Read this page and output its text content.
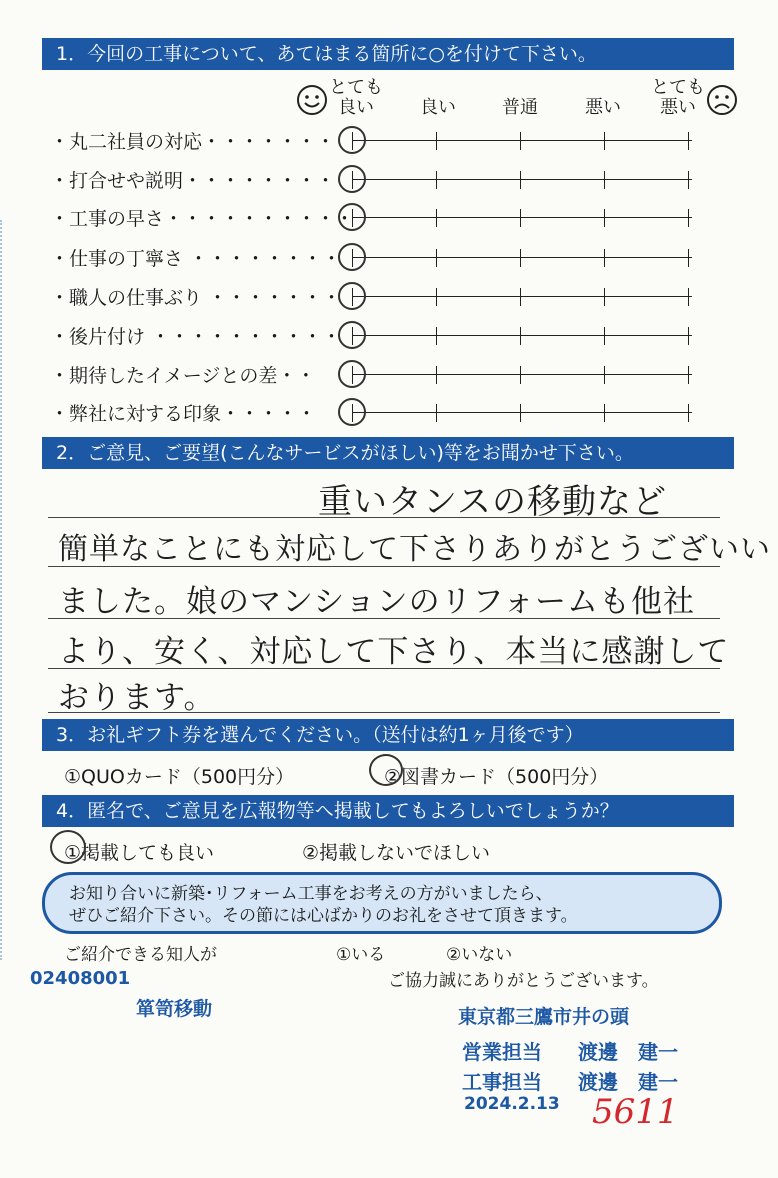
1．今回の工事について、あてはまる箇所に○を付けて下さい。
とても
良い	良い	普通	悪い
とても
悪い
・丸二社員の対応・・・・・・・
・打合せや説明・・・・・・・・
・工事の早さ・・・・・・・・・・
・仕事の丁寧さ ・・・・・・・・
・職人の仕事ぶり ・・・・・・・
・後片付け ・・・・・・・・・・
・期待したイメージとの差・・
・弊社に対する印象・・・・・
2．ご意見、ご要望(こんなサービスがほしい)等をお聞かせ下さい。
重いタンスの移動など
簡単なことにも対応して下さりありがとうございい
ました。娘のマンションのリフォームも他社
より、安く、対応して下さり、本当に感謝して
おります。
3．お礼ギフト券を選んでください。（送付は約1ヶ月後です）
①QUOカード（500円分）	②図書カード（500円分）
4．匿名で、ご意見を広報物等へ掲載してもよろしいでしょうか？
①掲載しても良い	②掲載しないでほしい
お知り合いに新築･リフォーム工事をお考えの方がいましたら、
ぜひご紹介下さい。その節には心ばかりのお礼をさせて頂きます。
ご紹介できる知人が	①いる	②いない
ご協力誠にありがとうございます。
02408001
箪笥移動	東京都三鷹市井の頭
営業担当 渡邊　建一
工事担当 渡邊　建一
2024.2.13 5611
